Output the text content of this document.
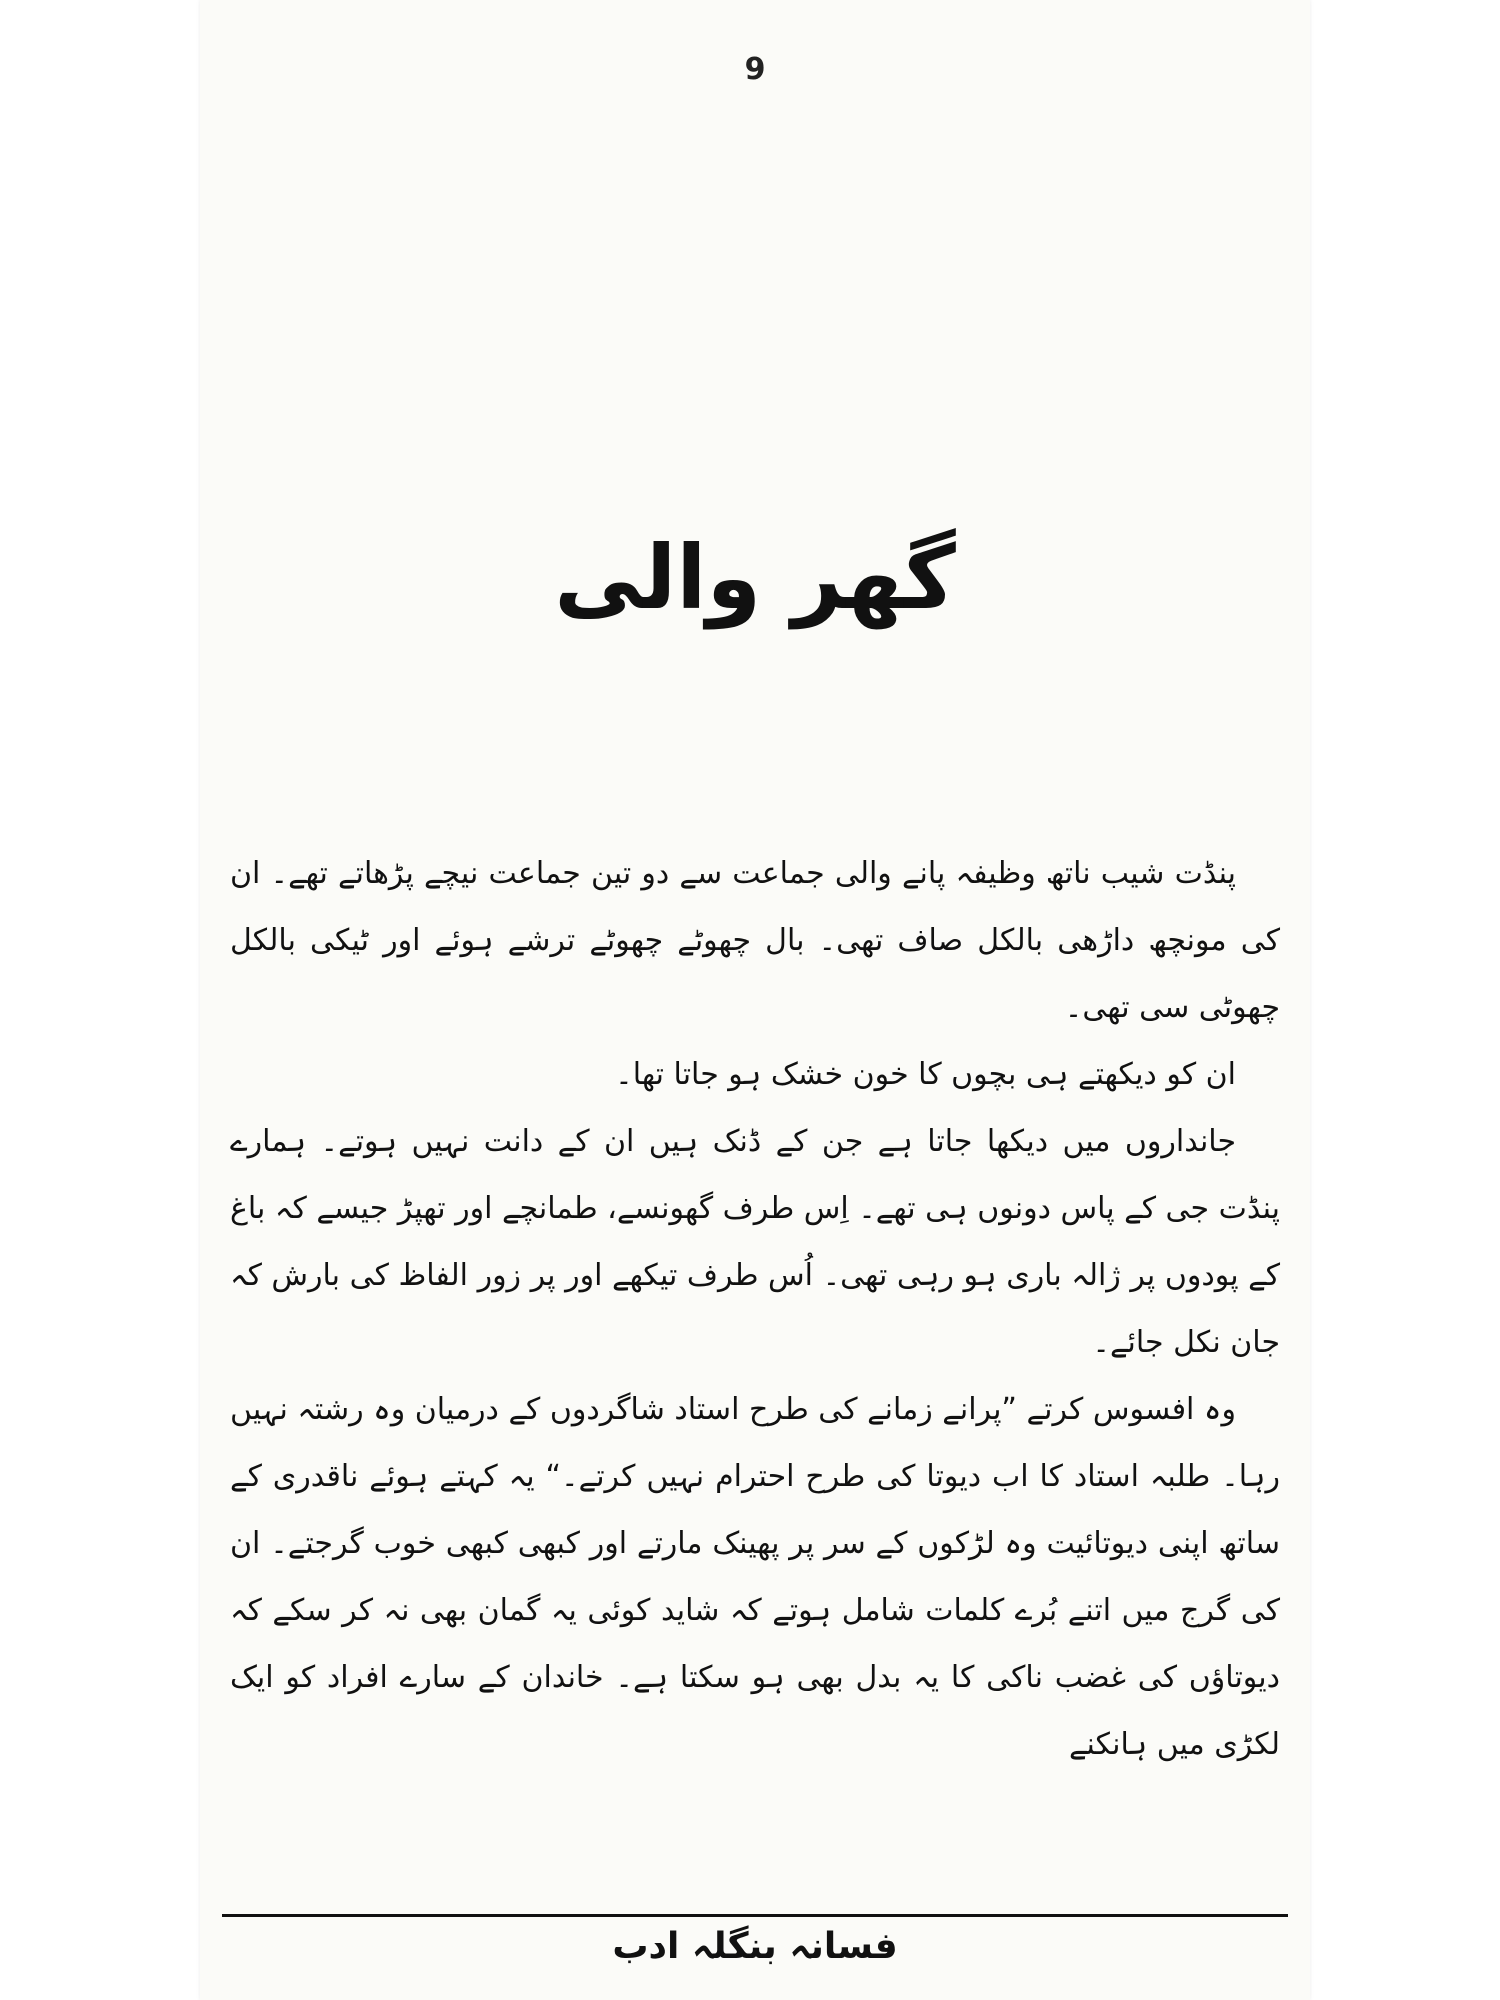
9
گھر والی

پنڈت شیب ناتھ وظیفہ پانے والی جماعت سے دو تین جماعت نیچے پڑھاتے تھے۔ ان کی مونچھ داڑھی بالکل صاف تھی۔ بال چھوٹے چھوٹے ترشے ہوئے اور ٹیکی بالکل چھوٹی سی تھی۔

ان کو دیکھتے ہی بچوں کا خون خشک ہو جاتا تھا۔

جانداروں میں دیکھا جاتا ہے جن کے ڈنک ہیں ان کے دانت نہیں ہوتے۔ ہمارے پنڈت جی کے پاس دونوں ہی تھے۔ اِس طرف گھونسے، طمانچے اور تھپڑ جیسے کہ باغ کے پودوں پر ژالہ باری ہو رہی تھی۔ اُس طرف تیکھے اور پر زور الفاظ کی بارش کہ جان نکل جائے۔

وہ افسوس کرتے ”پرانے زمانے کی طرح استاد شاگردوں کے درمیان وہ رشتہ نہیں رہا۔ طلبہ استاد کا اب دیوتا کی طرح احترام نہیں کرتے۔“ یہ کہتے ہوئے ناقدری کے ساتھ اپنی دیوتائیت وہ لڑکوں کے سر پر پھینک مارتے اور کبھی کبھی خوب گرجتے۔ ان کی گرج میں اتنے بُرے کلمات شامل ہوتے کہ شاید کوئی یہ گمان بھی نہ کر سکے کہ دیوتاؤں کی غضب ناکی کا یہ بدل بھی ہو سکتا ہے۔ خاندان کے سارے افراد کو ایک لکڑی میں ہانکنے

فسانہ بنگلہ ادب
